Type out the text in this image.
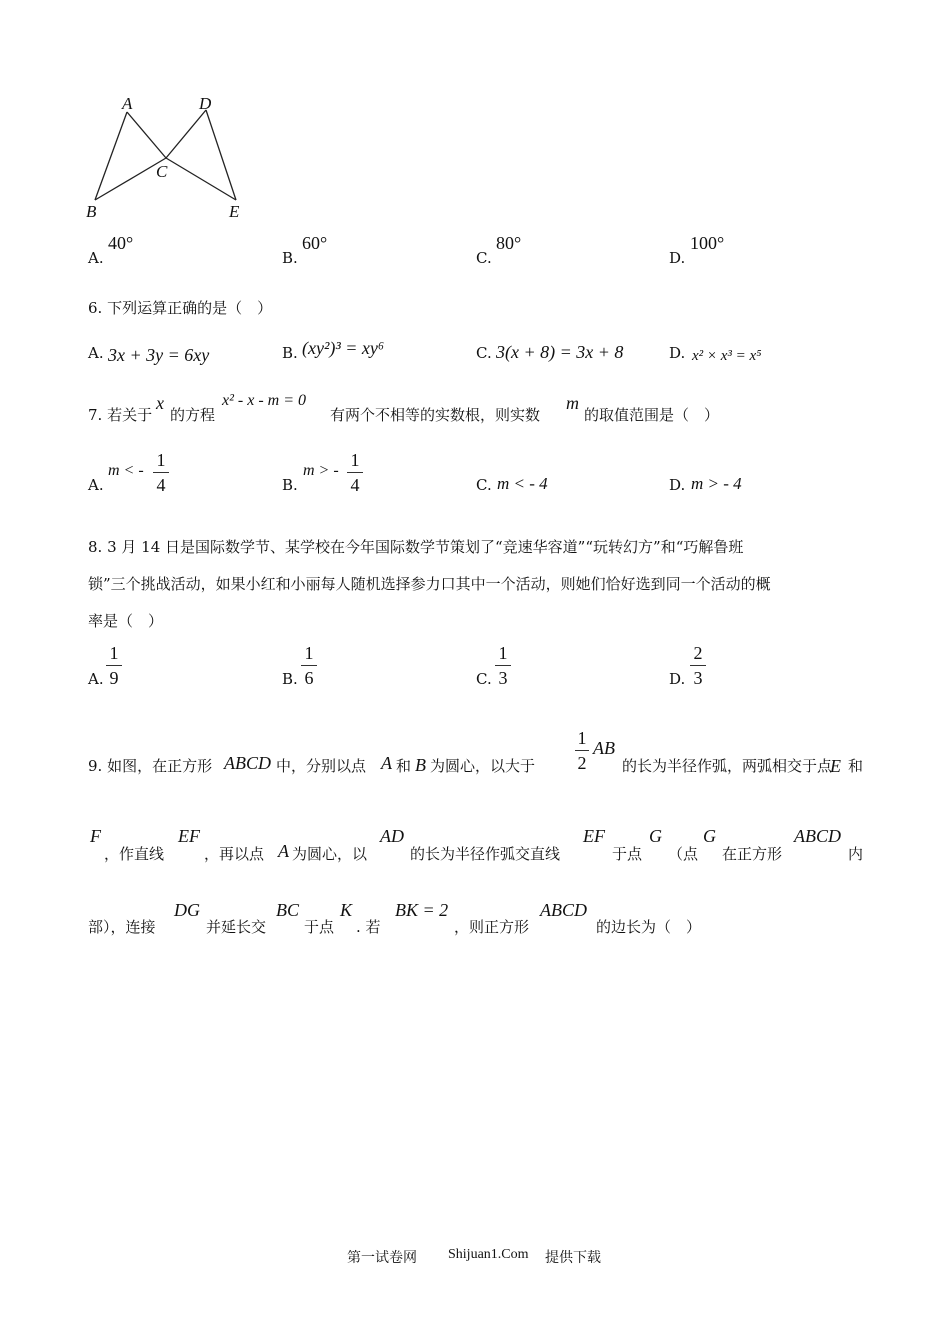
A	D
C
B	E
A.
40°
B.
60°
C.
80°
D.
100°
6. 下列运算正确的是（　）
A. 3x + 3y = 6xy	B. (xy²)³ = xy⁶	C. 3(x + 8) = 3x + 8	D. x² × x³ = x⁵
7. 若关于
x
的方程
x² - x - m = 0
有两个不相等的实数根，则实数
m
的取值范围是（　）
A.
m < -
1
4	B.
m > -
1
4	C. m < - 4	D. m > - 4
8. 3 月 14 日是国际数学节、某学校在今年国际数学节策划了“竞速华容道”“玩转幻方”和“巧解鲁班
锁”三个挑战活动，如果小红和小丽每人随机选择参力口其中一个活动，则她们恰好选到同一个活动的概
率是（　）
A.
1
9	B.
1
6	C.
1
3	D.
2
3
9. 如图，在正方形 ABCD 中，分别以点 A 和 B 为圆心，以大于
1
2
AB
的长为半径作弧，两弧相交于点
E 和
F
，作直线
EF
，再以点 A 为圆心，以
AD
的长为半径作弧交直线
EF
于点
G
（点
G
在正方形
ABCD
内
部），连接
DG
并延长交
BC
于点
K
. 若
BK = 2
，则正方形
ABCD
的边长为（　）
第一试卷网 Shijuan1.Com 提供下载
